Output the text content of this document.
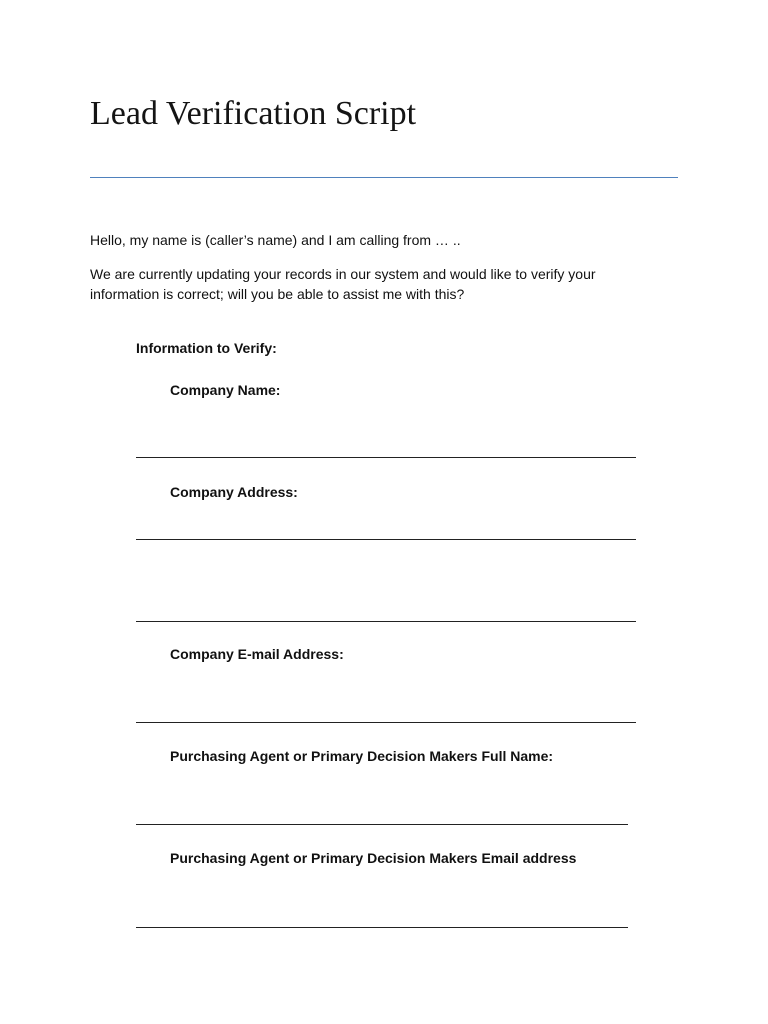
Lead Verification Script

Hello, my name is (caller’s name) and I am calling from … ..

We are currently updating your records in our system and would like to verify your information is correct; will you be able to assist me with this?

Information to Verify:
Company Name:
Company Address:
Company E-mail Address:
Purchasing Agent or Primary Decision Makers Full Name:
Purchasing Agent or Primary Decision Makers Email address
